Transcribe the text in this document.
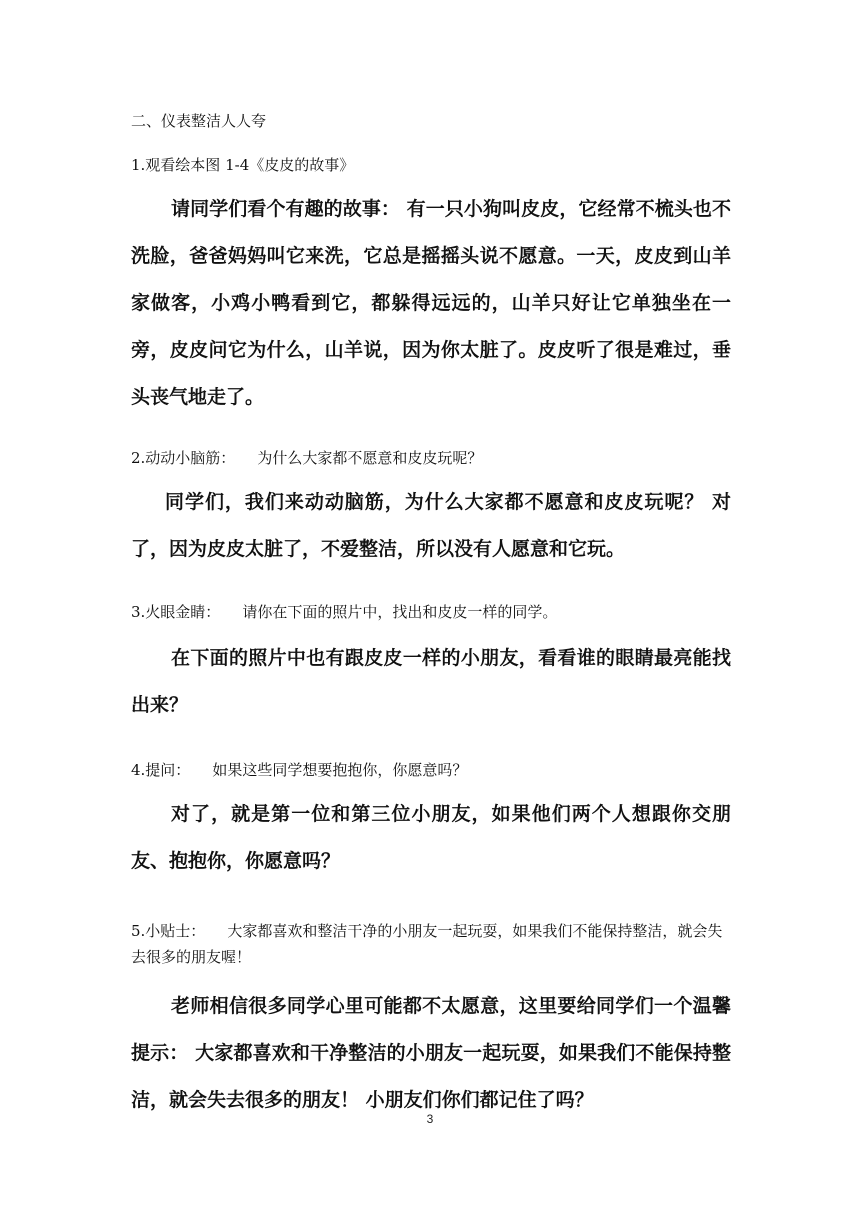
二、仪表整洁人人夸

1.观看绘本图 1-4《皮皮的故事》

请同学们看个有趣的故事： 有一只小狗叫皮皮，它经常不梳头也不洗脸，爸爸妈妈叫它来洗，它总是摇摇头说不愿意。一天，皮皮到山羊家做客，小鸡小鸭看到它，都躲得远远的，山羊只好让它单独坐在一旁，皮皮问它为什么，山羊说，因为你太脏了。皮皮听了很是难过，垂头丧气地走了。

2.动动小脑筋： 为什么大家都不愿意和皮皮玩呢？

同学们，我们来动动脑筋，为什么大家都不愿意和皮皮玩呢？ 对了，因为皮皮太脏了，不爱整洁，所以没有人愿意和它玩。

3.火眼金睛： 请你在下面的照片中，找出和皮皮一样的同学。

在下面的照片中也有跟皮皮一样的小朋友，看看谁的眼睛最亮能找出来？

4.提问： 如果这些同学想要抱抱你，你愿意吗？

对了，就是第一位和第三位小朋友，如果他们两个人想跟你交朋友、抱抱你，你愿意吗？

5.小贴士： 大家都喜欢和整洁干净的小朋友一起玩耍，如果我们不能保持整洁，就会失去很多的朋友喔！

老师相信很多同学心里可能都不太愿意，这里要给同学们一个温馨提示： 大家都喜欢和干净整洁的小朋友一起玩耍，如果我们不能保持整洁，就会失去很多的朋友！ 小朋友们你们都记住了吗？

3
